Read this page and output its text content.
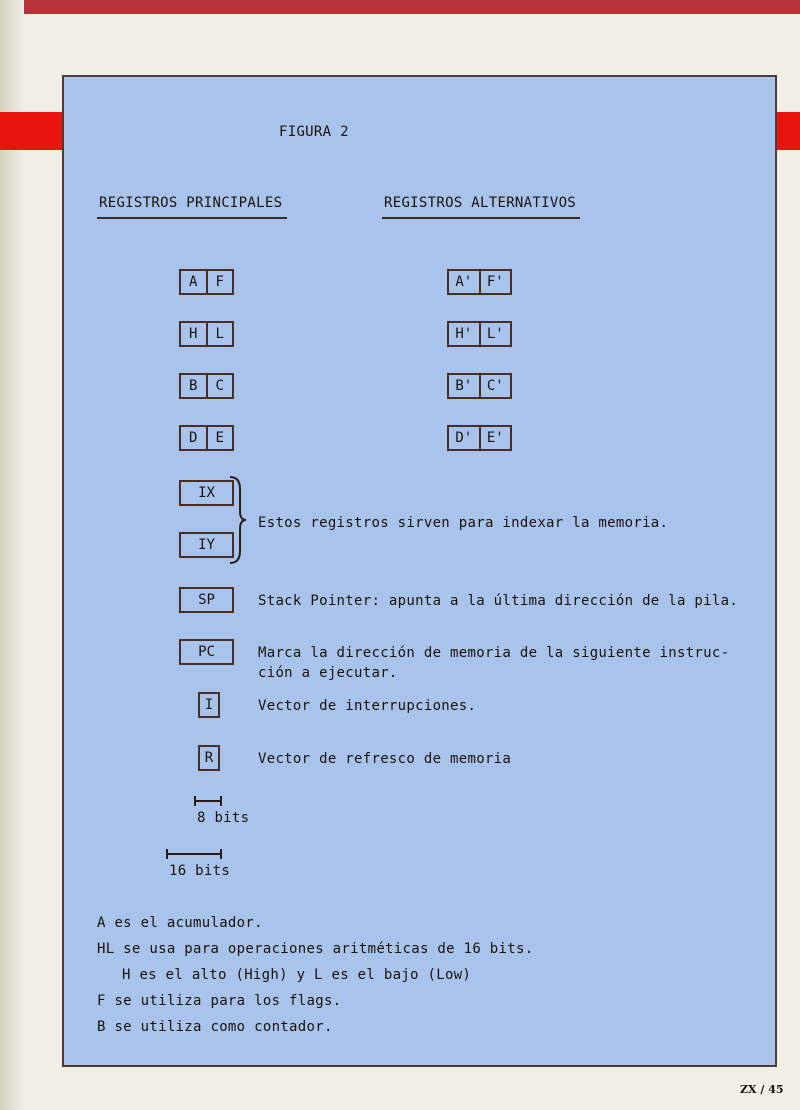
FIGURA 2
REGISTROS PRINCIPALES	REGISTROS ALTERNATIVOS
A	F
H	L
B	C
D	E
A'	F'
H'	L'
B'	C'
D'	E'
IX
IY
Estos registros sirven para indexar la memoria.
SP	Stack Pointer: apunta a la última dirección de la pila.
PC	Marca la dirección de memoria de la siguiente instruc-
ción a ejecutar.
I	Vector de interrupciones.
R	Vector de refresco de memoria
8 bits
16 bits
A es el acumulador.
HL se usa para operaciones aritméticas de 16 bits.
H es el alto (High) y L es el bajo (Low)
F se utiliza para los flags.
B se utiliza como contador.
ZX / 45
